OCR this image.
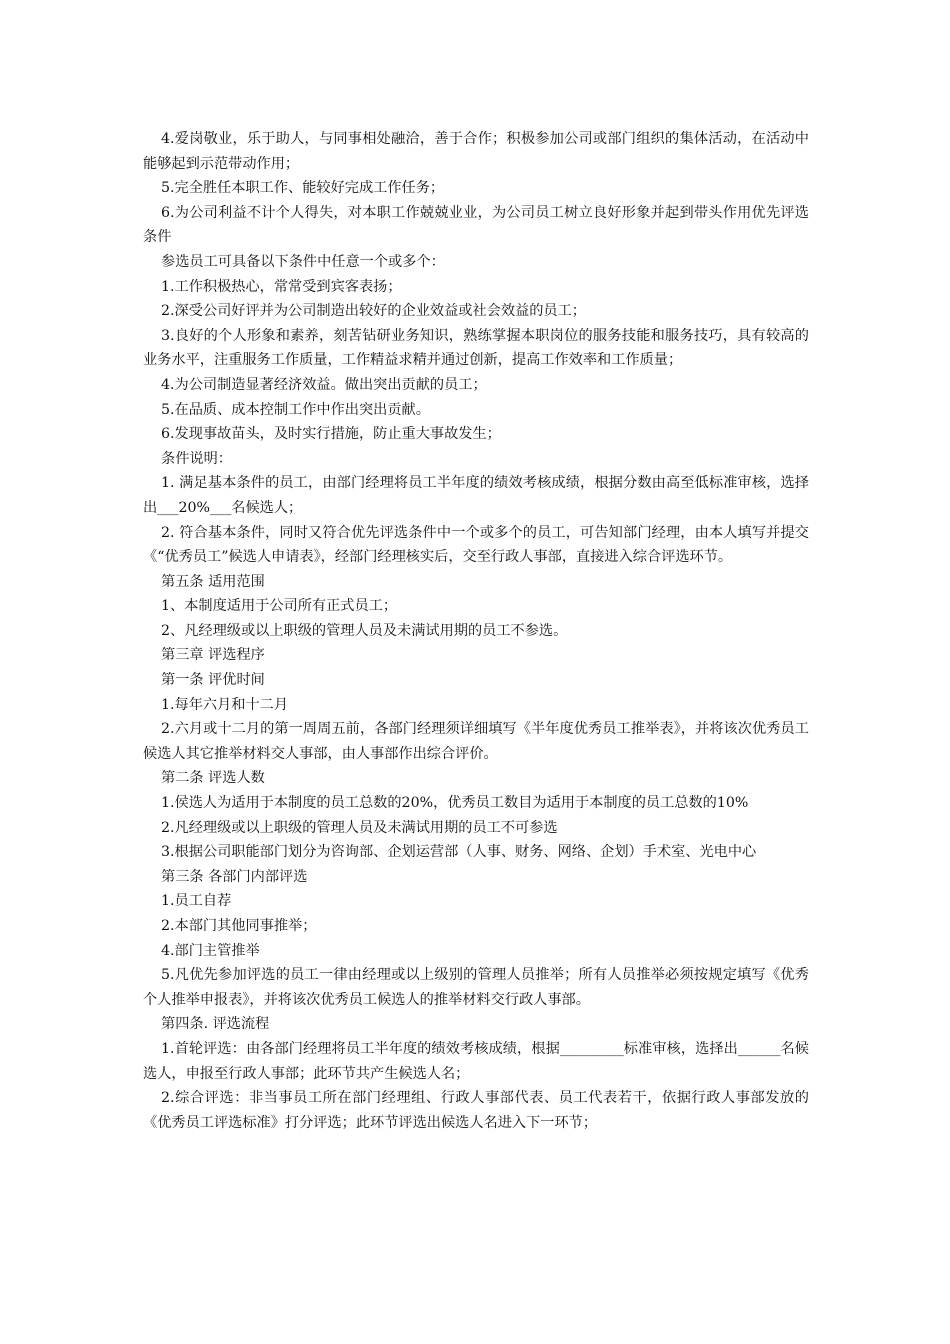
4.爱岗敬业，乐于助人，与同事相处融洽，善于合作；积极参加公司或部门组织的集体活动，在活动中能够起到示范带动作用；

5.完全胜任本职工作、能较好完成工作任务；

6.为公司利益不计个人得失，对本职工作兢兢业业，为公司员工树立良好形象并起到带头作用优先评选条件

参选员工可具备以下条件中任意一个或多个：

1.工作积极热心，常常受到宾客表扬；

2.深受公司好评并为公司制造出较好的企业效益或社会效益的员工；

3.良好的个人形象和素养，刻苦钻研业务知识，熟练掌握本职岗位的服务技能和服务技巧，具有较高的业务水平，注重服务工作质量，工作精益求精并通过创新，提高工作效率和工作质量；

4.为公司制造显著经济效益。做出突出贡献的员工；

5.在品质、成本控制工作中作出突出贡献。

6.发现事故苗头，及时实行措施，防止重大事故发生；

条件说明：

1. 满足基本条件的员工，由部门经理将员工半年度的绩效考核成绩，根据分数由高至低标准审核，选择出___20%___名候选人；

2. 符合基本条件，同时又符合优先评选条件中一个或多个的员工，可告知部门经理，由本人填写并提交《“优秀员工”候选人申请表》，经部门经理核实后，交至行政人事部，直接进入综合评选环节。

第五条 适用范围

1、本制度适用于公司所有正式员工；

2、凡经理级或以上职级的管理人员及未满试用期的员工不参选。

第三章 评选程序

第一条 评优时间

1.每年六月和十二月

2.六月或十二月的第一周周五前，各部门经理须详细填写《半年度优秀员工推举表》，并将该次优秀员工候选人其它推举材料交人事部，由人事部作出综合评价。

第二条 评选人数

1.侯选人为适用于本制度的员工总数的20%，优秀员工数目为适用于本制度的员工总数的10%

2.凡经理级或以上职级的管理人员及未满试用期的员工不可参选

3.根据公司职能部门划分为咨询部、企划运营部（人事、财务、网络、企划）手术室、光电中心

第三条 各部门内部评选

1.员工自荐

2.本部门其他同事推举；

4.部门主管推举

5.凡优先参加评选的员工一律由经理或以上级别的管理人员推举；所有人员推举必须按规定填写《优秀个人推举申报表》，并将该次优秀员工候选人的推举材料交行政人事部。

第四条. 评选流程

1.首轮评选：由各部门经理将员工半年度的绩效考核成绩，根据_________标准审核，选择出______名候选人，申报至行政人事部；此环节共产生候选人名；

2.综合评选：非当事员工所在部门经理组、行政人事部代表、员工代表若干，依据行政人事部发放的《优秀员工评选标准》打分评选；此环节评选出候选人名进入下一环节；
